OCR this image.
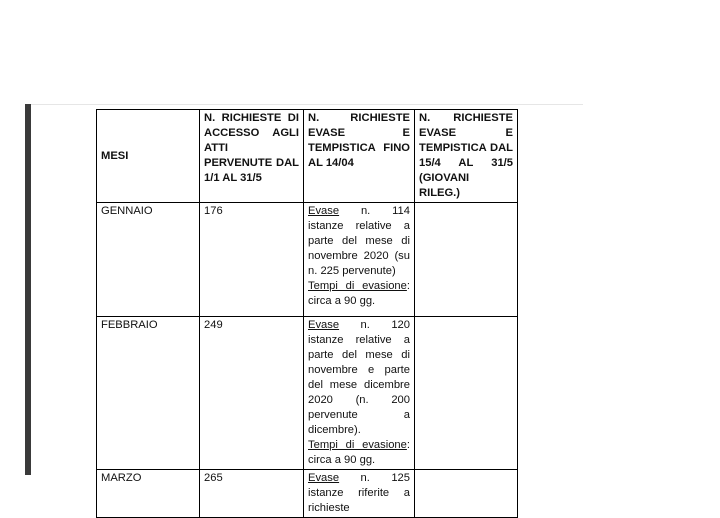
MESI	N. RICHIESTE DI ACCESSO AGLI ATTI PERVENUTE DAL 1/1 AL 31/5	N. RICHIESTE EVASE E TEMPISTICA FINO AL 14/04	N. RICHIESTE EVASE E TEMPISTICA DAL 15/4 AL 31/5 (GIOVANI RILEG.)

GENNAIO	176	Evase n. 114 istanze relative a parte del mese di novembre 2020 (su n. 225 pervenute)
Tempi di evasione: circa a 90 gg.	
FEBBRAIO	249	Evase n. 120 istanze relative a parte del mese di novembre e parte del mese dicembre 2020 (n. 200 pervenute a dicembre).
Tempi di evasione: circa a 90 gg.	
MARZO	265	Evase n. 125 istanze riferite a richieste	
